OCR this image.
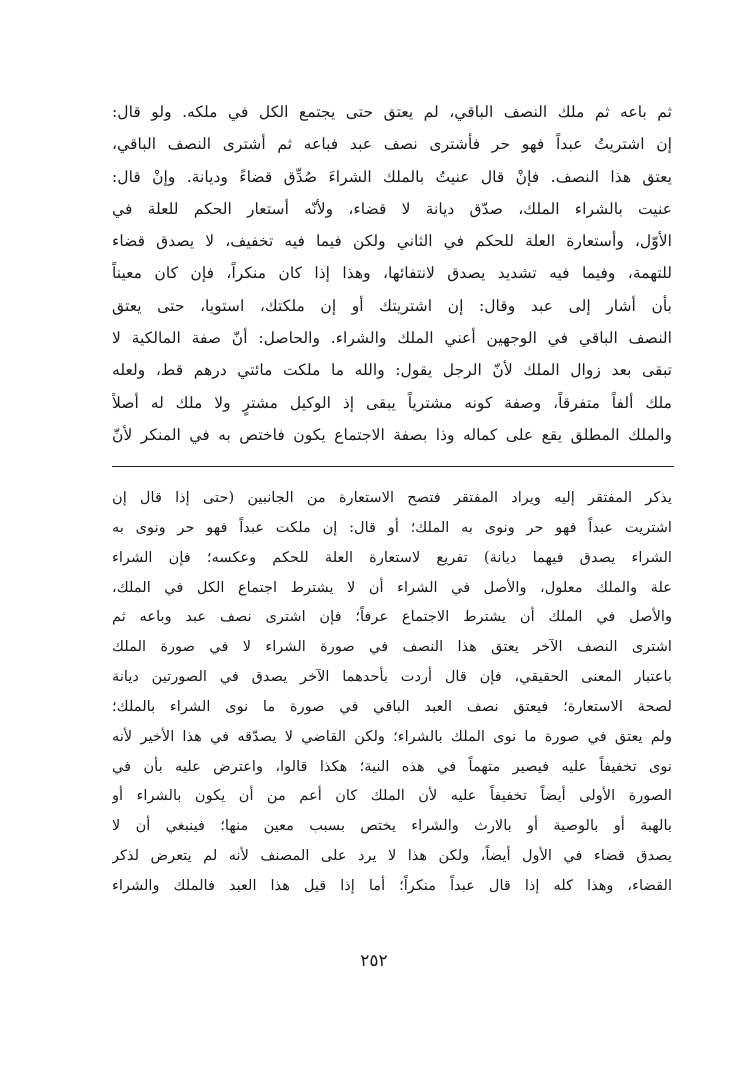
ثم باعه ثم ملك النصف الباقي، لم يعتق حتى يجتمع الكل في ملكه. ولو قال:
إن اشتريتُ عبداً فهو حر فأشترى نصف عبد فباعه ثم أشترى النصف الباقي،
يعتق هذا النصف. فإنْ قال عنيتُ بالملك الشراءَ صُدِّق قضاءً وديانة. وإنْ قال:
عنيت بالشراء الملك، صدّق ديانة لا قضاء، ولأنّه أستعار الحكم للعلة في
الأوّل، وأستعارة العلة للحكم في الثاني ولكن فيما فيه تخفيف، لا يصدق قضاء
للتهمة، وفيما فيه تشديد يصدق لانتفائها، وهذا إذا كان منكراً، فإن كان معيناً
بأن أشار إلى عبد وقال: إن اشتريتك أو إن ملكتك، استويا، حتى يعتق
النصف الباقي في الوجهين أعني الملك والشراء. والحاصل: أنّ صفة المالكية لا
تبقى بعد زوال الملك لأنّ الرجل يقول: والله ما ملكت مائتي درهم قط، ولعله
ملك ألفاً متفرقاً، وصفة كونه مشترياً يبقى إذ الوكيل مشترٍ ولا ملك له أصلاً
والملك المطلق يقع على كماله وذا بصفة الاجتماع يكون فاختص به في المنكر لأنّ
يذكر المفتقر إليه ويراد المفتقر فتصح الاستعارة من الجانبين (حتى إذا قال إن
اشتريت عبداً فهو حر ونوى به الملك؛ أو قال: إن ملكت عبداً فهو حر ونوى به
الشراء يصدق فيهما ديانة) تفريع لاستعارة العلة للحكم وعكسه؛ فإن الشراء
علة والملك معلول، والأصل في الشراء أن لا يشترط اجتماع الكل في الملك،
والأصل في الملك أن يشترط الاجتماع عرفاً؛ فإن اشترى نصف عبد وباعه ثم
اشترى النصف الآخر يعتق هذا النصف في صورة الشراء لا في صورة الملك
باعتبار المعنى الحقيقي، فإن قال أردت بأحدهما الآخر يصدق في الصورتين ديانة
لصحة الاستعارة؛ فيعتق نصف العبد الباقي في صورة ما نوى الشراء بالملك؛
ولم يعتق في صورة ما نوى الملك بالشراء؛ ولكن القاضي لا يصدّقه في هذا الأخير لأنه
نوى تخفيفاً عليه فيصير متهماً في هذه النية؛ هكذا قالوا، واعترض عليه بأن في
الصورة الأولى أيضاً تخفيفاً عليه لأن الملك كان أعم من أن يكون بالشراء أو
بالهبة أو بالوصية أو بالارث والشراء يختص بسبب معين منها؛ فينبغي أن لا
يصدق قضاء في الأول أيضاً، ولكن هذا لا يرد على المصنف لأنه لم يتعرض لذكر
القضاء، وهذا كله إذا قال عبداً منكراً؛ أما إذا قيل هذا العبد فالملك والشراء
٢٥٢
